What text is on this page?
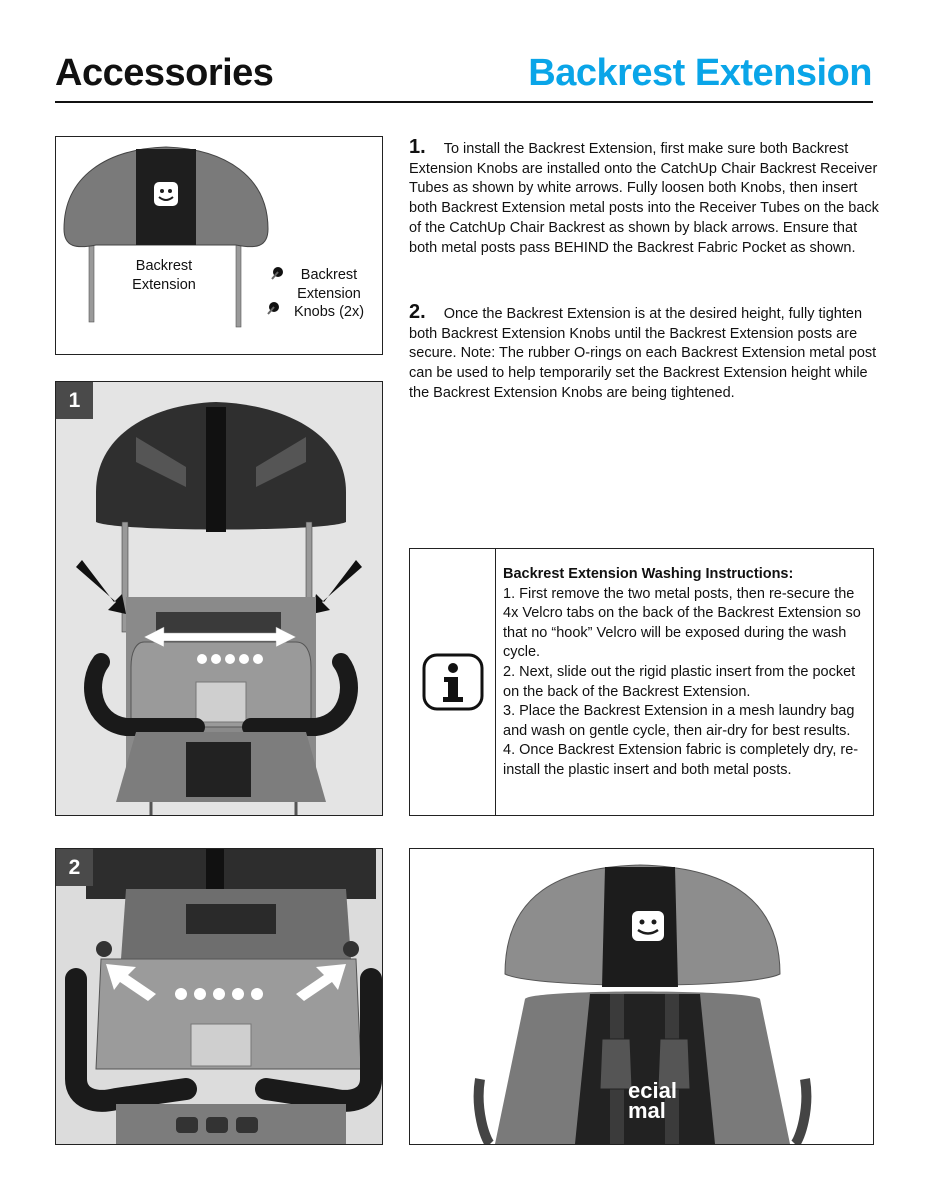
Accessories	Backrest Extension
Backrest
Extension
Backrest
Extension
Knobs (2x)
1
1. To install the Backrest Extension, first make sure both Backrest Extension Knobs are installed onto the CatchUp Chair Backrest Receiver Tubes as shown by white arrows. Fully loosen both Knobs, then insert both Backrest Extension metal posts into the Receiver Tubes on the back of the CatchUp Chair Backrest as shown by black arrows. Ensure that both metal posts pass BEHIND the Backrest Fabric Pocket as shown.
2. Once the Backrest Extension is at the desired height, fully tighten both Backrest Extension Knobs until the Backrest Extension posts are secure. Note: The rubber O-rings on each Backrest Extension metal post can be used to help temporarily set the Backrest Extension height while the Backrest Extension Knobs are being tightened.
Backrest Extension Washing Instructions:
1. First remove the two metal posts, then re-secure the 4x Velcro tabs on the back of the Backrest Extension so that no “hook” Velcro will be exposed during the wash cycle.
2. Next, slide out the rigid plastic insert from the pocket on the back of the Backrest Extension.
3. Place the Backrest Extension in a mesh laundry bag and wash on gentle cycle, then air-dry for best results.
4. Once Backrest Extension fabric is completely dry, re-install the plastic insert and both metal posts.
2
ecial
mal
